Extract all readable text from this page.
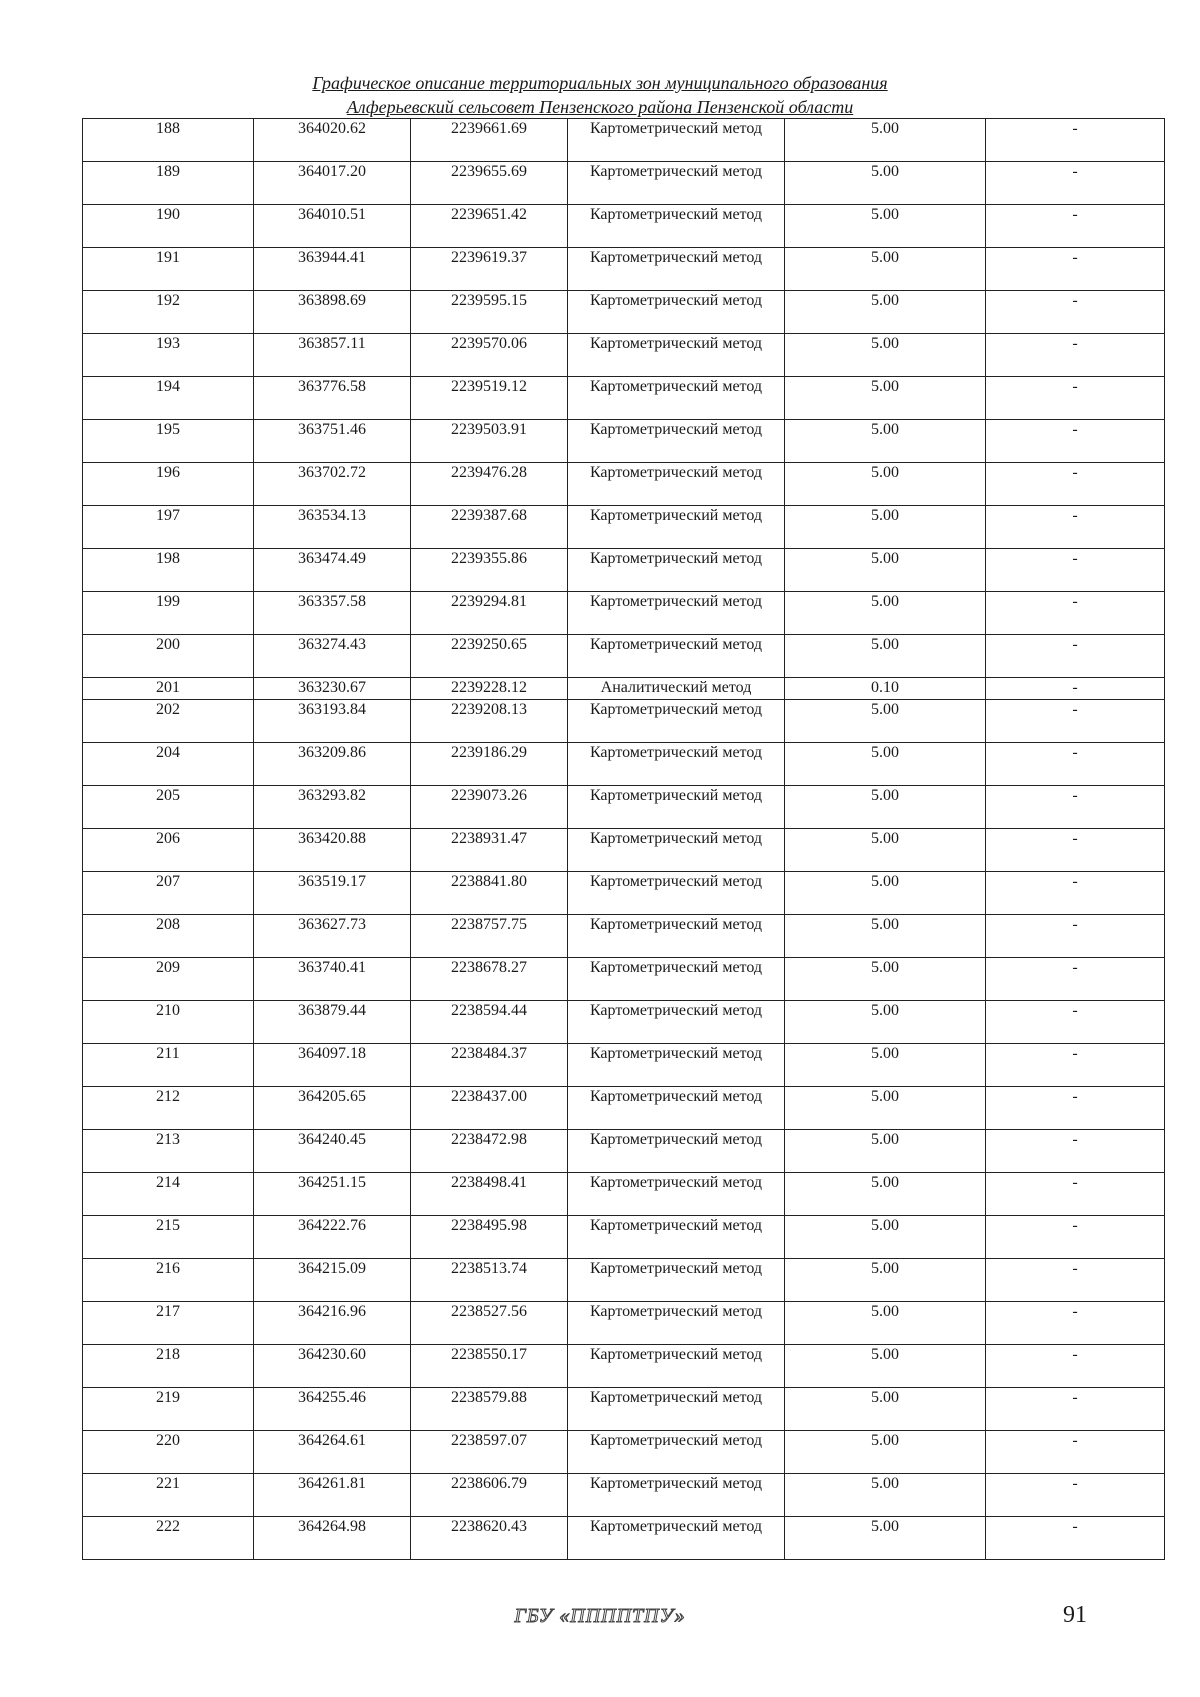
Графическое описание территориальных зон муниципального образования
Алферьевский сельсовет Пензенского района Пензенской области
188	364020.62	2239661.69	Картометрический метод	5.00	-
189	364017.20	2239655.69	Картометрический метод	5.00	-
190	364010.51	2239651.42	Картометрический метод	5.00	-
191	363944.41	2239619.37	Картометрический метод	5.00	-
192	363898.69	2239595.15	Картометрический метод	5.00	-
193	363857.11	2239570.06	Картометрический метод	5.00	-
194	363776.58	2239519.12	Картометрический метод	5.00	-
195	363751.46	2239503.91	Картометрический метод	5.00	-
196	363702.72	2239476.28	Картометрический метод	5.00	-
197	363534.13	2239387.68	Картометрический метод	5.00	-
198	363474.49	2239355.86	Картометрический метод	5.00	-
199	363357.58	2239294.81	Картометрический метод	5.00	-
200	363274.43	2239250.65	Картометрический метод	5.00	-
201	363230.67	2239228.12	Аналитический метод	0.10	-
202	363193.84	2239208.13	Картометрический метод	5.00	-
204	363209.86	2239186.29	Картометрический метод	5.00	-
205	363293.82	2239073.26	Картометрический метод	5.00	-
206	363420.88	2238931.47	Картометрический метод	5.00	-
207	363519.17	2238841.80	Картометрический метод	5.00	-
208	363627.73	2238757.75	Картометрический метод	5.00	-
209	363740.41	2238678.27	Картометрический метод	5.00	-
210	363879.44	2238594.44	Картометрический метод	5.00	-
211	364097.18	2238484.37	Картометрический метод	5.00	-
212	364205.65	2238437.00	Картометрический метод	5.00	-
213	364240.45	2238472.98	Картометрический метод	5.00	-
214	364251.15	2238498.41	Картометрический метод	5.00	-
215	364222.76	2238495.98	Картометрический метод	5.00	-
216	364215.09	2238513.74	Картометрический метод	5.00	-
217	364216.96	2238527.56	Картометрический метод	5.00	-
218	364230.60	2238550.17	Картометрический метод	5.00	-
219	364255.46	2238579.88	Картометрический метод	5.00	-
220	364264.61	2238597.07	Картометрический метод	5.00	-
221	364261.81	2238606.79	Картометрический метод	5.00	-
222	364264.98	2238620.43	Картометрический метод	5.00	-
ГБУ «ППППТПУ»	91
